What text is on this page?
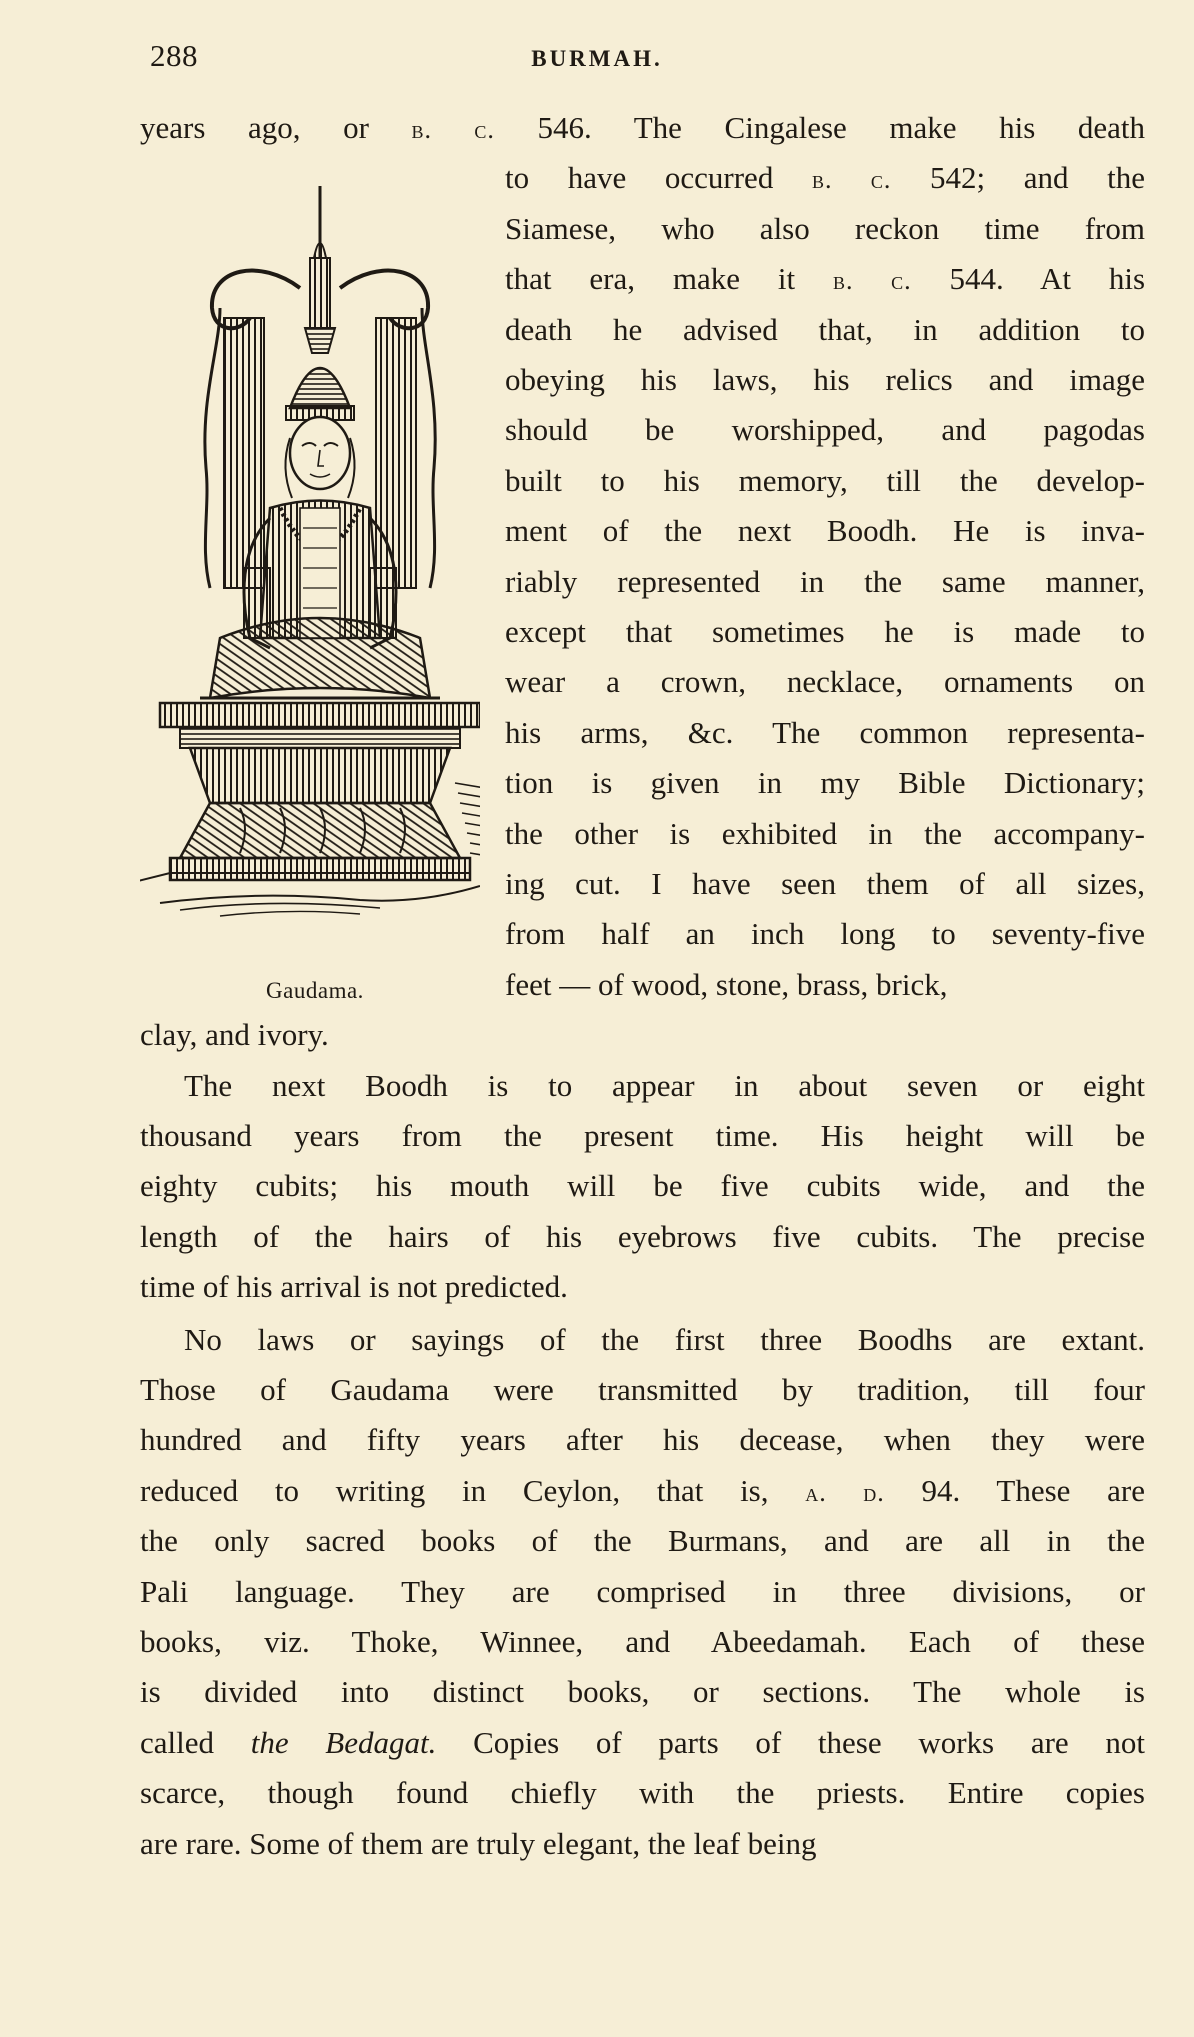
288	BURMAH.
Gaudama.
years ago, or b. c. 546. The Cingalese make his death
to have occurred b. c. 542; and the
Siamese, who also reckon time from
that era, make it b. c. 544. At his
death he advised that, in addition to
obeying his laws, his relics and image
should be worshipped, and pagodas
built to his memory, till the develop-
ment of the next Boodh. He is inva-
riably represented in the same manner,
except that sometimes he is made to
wear a crown, necklace, ornaments on
his arms, &c. The common representa-
tion is given in my Bible Dictionary;
the other is exhibited in the accompany-
ing cut. I have seen them of all sizes,
from half an inch long to seventy-five
feet — of wood, stone, brass, brick,
clay, and ivory.
The next Boodh is to appear in about seven or eight
thousand years from the present time. His height will be
eighty cubits; his mouth will be five cubits wide, and the
length of the hairs of his eyebrows five cubits. The precise
time of his arrival is not predicted.
No laws or sayings of the first three Boodhs are extant.
Those of Gaudama were transmitted by tradition, till four
hundred and fifty years after his decease, when they were
reduced to writing in Ceylon, that is, a. d. 94. These are
the only sacred books of the Burmans, and are all in the
Pali language. They are comprised in three divisions, or
books, viz. Thoke, Winnee, and Abeedamah. Each of these
is divided into distinct books, or sections. The whole is
called the Bedagat. Copies of parts of these works are not
scarce, though found chiefly with the priests. Entire copies
are rare. Some of them are truly elegant, the leaf being
